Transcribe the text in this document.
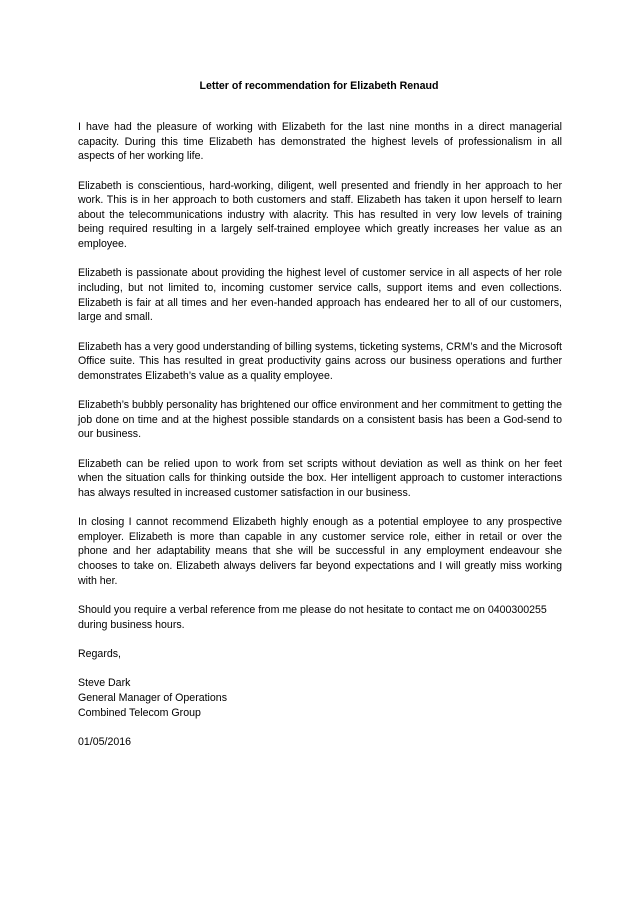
Letter of recommendation for Elizabeth Renaud

I have had the pleasure of working with Elizabeth for the last nine months in a direct managerial capacity. During this time Elizabeth has demonstrated the highest levels of professionalism in all aspects of her working life.

Elizabeth is conscientious, hard-working, diligent, well presented and friendly in her approach to her work. This is in her approach to both customers and staff. Elizabeth has taken it upon herself to learn about the telecommunications industry with alacrity. This has resulted in very low levels of training being required resulting in a largely self-trained employee which greatly increases her value as an employee.

Elizabeth is passionate about providing the highest level of customer service in all aspects of her role including, but not limited to, incoming customer service calls, support items and even collections. Elizabeth is fair at all times and her even-handed approach has endeared her to all of our customers, large and small.

Elizabeth has a very good understanding of billing systems, ticketing systems, CRM’s and the Microsoft Office suite. This has resulted in great productivity gains across our business operations and further demonstrates Elizabeth’s value as a quality employee.

Elizabeth’s bubbly personality has brightened our office environment and her commitment to getting the job done on time and at the highest possible standards on a consistent basis has been a God-send to our business.

Elizabeth can be relied upon to work from set scripts without deviation as well as think on her feet when the situation calls for thinking outside the box. Her intelligent approach to customer interactions has always resulted in increased customer satisfaction in our business.

In closing I cannot recommend Elizabeth highly enough as a potential employee to any prospective employer. Elizabeth is more than capable in any customer service role, either in retail or over the phone and her adaptability means that she will be successful in any employment endeavour she chooses to take on. Elizabeth always delivers far beyond expectations and I will greatly miss working with her.

Should you require a verbal reference from me please do not hesitate to contact me on 0400300255 during business hours.

Regards,

Steve Dark
General Manager of Operations
Combined Telecom Group

01/05/2016
